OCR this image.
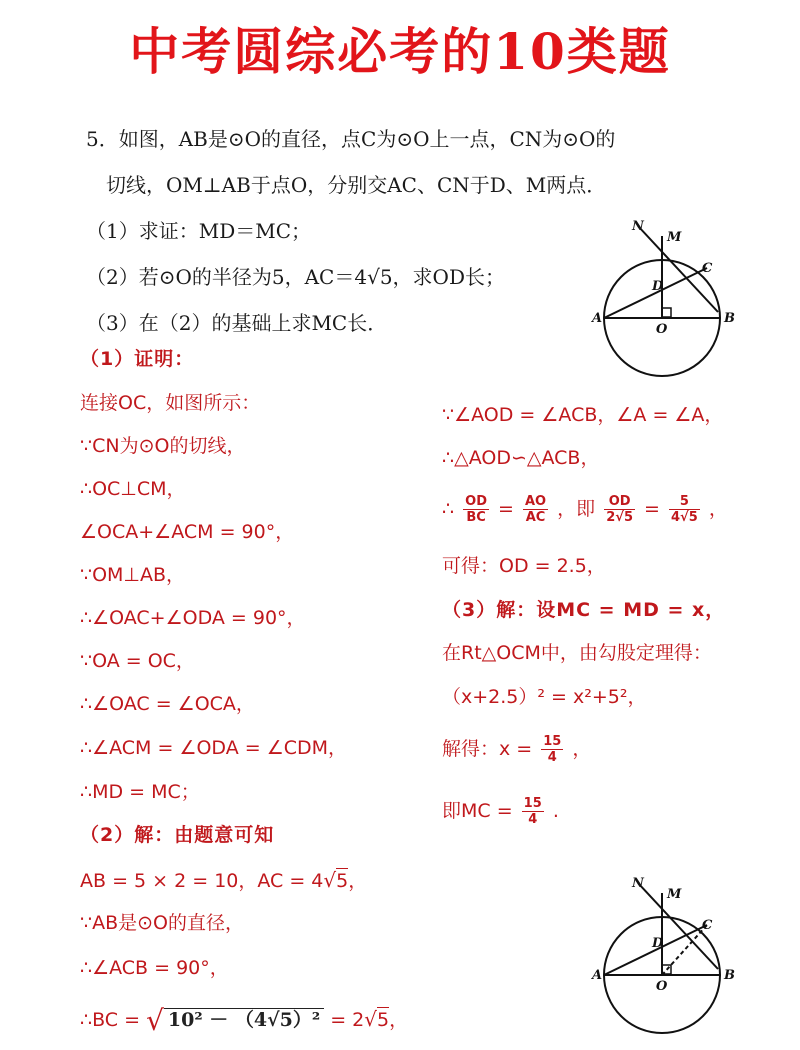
中考圆综必考的10类题
5．如图，AB是⊙O的直径，点C为⊙O上一点，CN为⊙O的
切线，OM⊥AB于点O，分别交AC、CN于D、M两点．
（1）求证：MD＝MC；
（2）若⊙O的半径为5，AC＝4√5，求OD长；
（3）在（2）的基础上求MC长．
N
M
C
D
A
O
B
（1）证明：
连接OC，如图所示：
∵CN为⊙O的切线，
∴OC⊥CM，
∠OCA+∠ACM = 90°，
∵OM⊥AB，
∴∠OAC+∠ODA = 90°，
∵OA = OC，
∴∠OAC = ∠OCA，
∴∠ACM = ∠ODA = ∠CDM，
∴MD = MC；
（2）解：由题意可知
AB = 5 × 2 = 10，AC = 4√5，
∵AB是⊙O的直径，
∴∠ACB = 90°，
∴BC = √ 10² － （4√5）² = 2√5，
∵∠AOD = ∠ACB，∠A = ∠A，
∴△AOD∽△ACB，
∴ $\frac{OD}{BC} = \frac{AO}{AC}$ ，即 $\frac{OD}{2√5} = \frac{5}{4√5}$ ，
可得：OD = 2.5，
（3）解：设MC = MD = x，
在Rt△OCM中，由勾股定理得：
（x+2.5）² = x²+5²，
解得：$x = \frac{15}{4}$ ，
即MC = $\frac{15}{4}$ .
N
M
C
D
A
O
B
